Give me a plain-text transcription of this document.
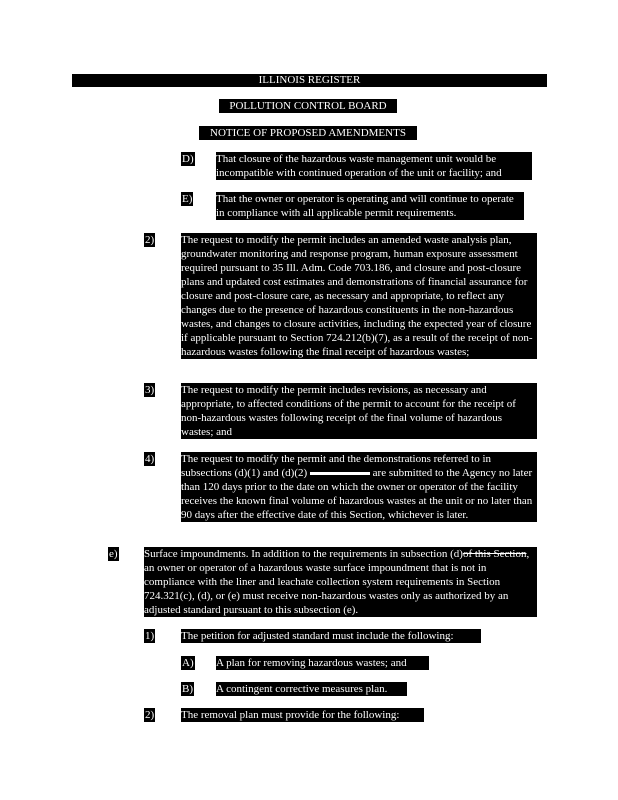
ILLINOIS REGISTER
POLLUTION CONTROL BOARD
NOTICE OF PROPOSED AMENDMENTS
D) That closure of the hazardous waste management unit would be incompatible with continued operation of the unit or facility; and
E) That the owner or operator is operating and will continue to operate in compliance with all applicable permit requirements.
2) The request to modify the permit includes an amended waste analysis plan, groundwater monitoring and response program, human exposure assessment required pursuant to 35 Ill. Adm. Code 703.186, and closure and post-closure plans and updated cost estimates and demonstrations of financial assurance for closure and post-closure care, as necessary and appropriate, to reflect any changes due to the presence of hazardous constituents in the non-hazardous wastes, and changes to closure activities, including the expected year of closure if applicable pursuant to Section 724.212(b)(7), as a result of the receipt of non-hazardous wastes following the final receipt of hazardous wastes;
3) The request to modify the permit includes revisions, as necessary and appropriate, to affected conditions of the permit to account for the receipt of non-hazardous wastes following receipt of the final volume of hazardous wastes; and
4) The request to modify the permit and the demonstrations referred to in subsections (d)(1) and (d)(2)	are submitted to the Agency no later than 120 days prior to the date on which the owner or operator of the facility receives the known final volume of hazardous wastes at the unit or no later than 90 days after the effective date of this Section, whichever is later.
e) Surface impoundments. In addition to the requirements in subsection (d)of this Section, an owner or operator of a hazardous waste surface impoundment that is not in compliance with the liner and leachate collection system requirements in Section 724.321(c), (d), or (e) must receive non-hazardous wastes only as authorized by an adjusted standard pursuant to this subsection (e).
1) The petition for adjusted standard must include the following:
A) A plan for removing hazardous wastes; and
B) A contingent corrective measures plan.
2) The removal plan must provide for the following:
